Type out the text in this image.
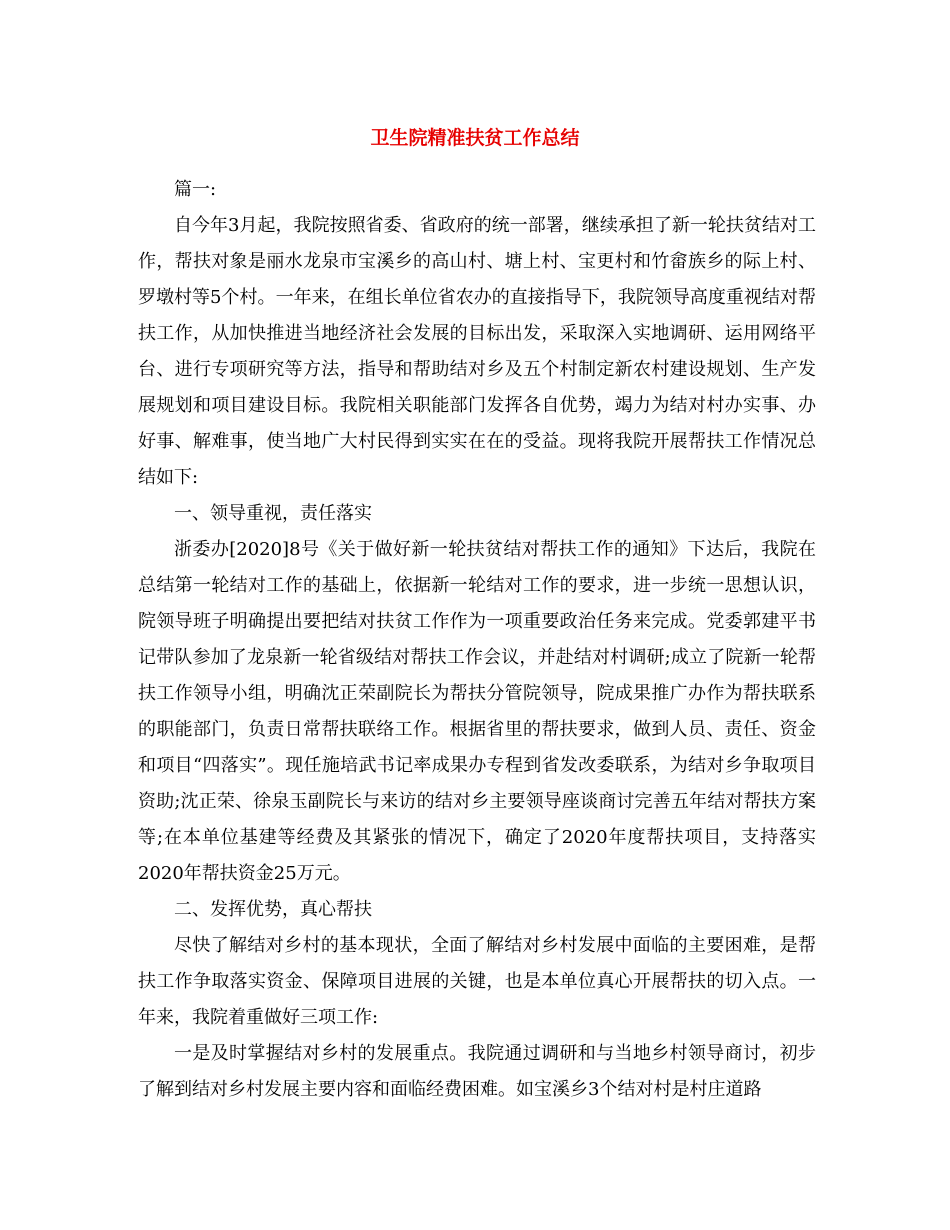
卫生院精准扶贫工作总结

篇一:

自今年3月起，我院按照省委、省政府的统一部署，继续承担了新一轮扶贫结对工作，帮扶对象是丽水龙泉市宝溪乡的高山村、塘上村、宝更村和竹畲族乡的际上村、罗墩村等5个村。一年来，在组长单位省农办的直接指导下，我院领导高度重视结对帮扶工作，从加快推进当地经济社会发展的目标出发，采取深入实地调研、运用网络平台、进行专项研究等方法，指导和帮助结对乡及五个村制定新农村建设规划、生产发展规划和项目建设目标。我院相关职能部门发挥各自优势，竭力为结对村办实事、办好事、解难事，使当地广大村民得到实实在在的受益。现将我院开展帮扶工作情况总结如下:

一、领导重视，责任落实

浙委办[2020]8号《关于做好新一轮扶贫结对帮扶工作的通知》下达后，我院在总结第一轮结对工作的基础上，依据新一轮结对工作的要求，进一步统一思想认识，院领导班子明确提出要把结对扶贫工作作为一项重要政治任务来完成。党委郭建平书记带队参加了龙泉新一轮省级结对帮扶工作会议，并赴结对村调研;成立了院新一轮帮扶工作领导小组，明确沈正荣副院长为帮扶分管院领导，院成果推广办作为帮扶联系的职能部门，负责日常帮扶联络工作。根据省里的帮扶要求，做到人员、责任、资金和项目“四落实”。现任施培武书记率成果办专程到省发改委联系，为结对乡争取项目资助;沈正荣、徐泉玉副院长与来访的结对乡主要领导座谈商讨完善五年结对帮扶方案等;在本单位基建等经费及其紧张的情况下，确定了2020年度帮扶项目，支持落实2020年帮扶资金25万元。

二、发挥优势，真心帮扶

尽快了解结对乡村的基本现状，全面了解结对乡村发展中面临的主要困难，是帮扶工作争取落实资金、保障项目进展的关键，也是本单位真心开展帮扶的切入点。一年来，我院着重做好三项工作:

一是及时掌握结对乡村的发展重点。我院通过调研和与当地乡村领导商讨，初步了解到结对乡村发展主要内容和面临经费困难。如宝溪乡3个结对村是村庄道路
